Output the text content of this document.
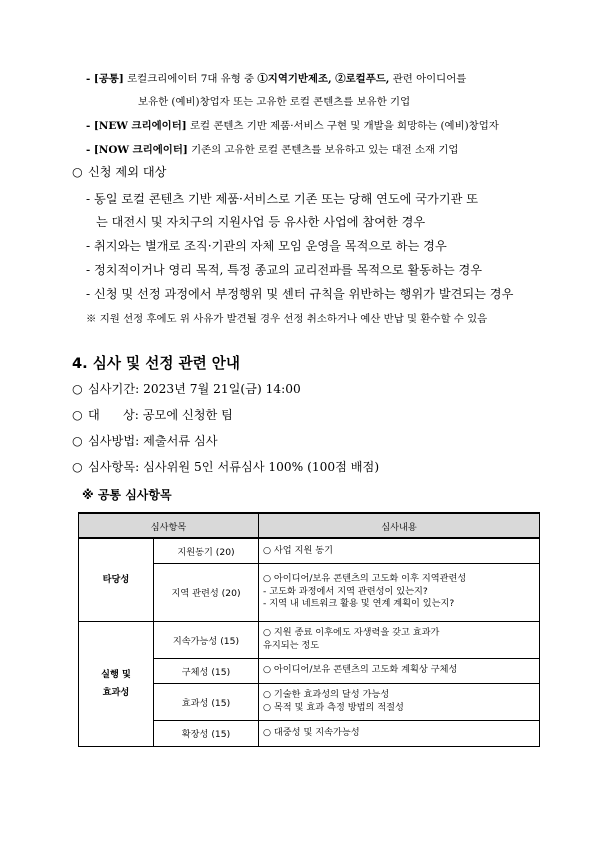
- [공통] 로컬크리에이터 7대 유형 중 ①지역기반제조, ②로컬푸드, 관련 아이디어를
보유한 (예비)창업자 또는 고유한 로컬 콘텐츠를 보유한 기업
- [NEW 크리에이터] 로컬 콘텐츠 기반 제품·서비스 구현 및 개발을 희망하는 (예비)창업자
- [NOW 크리에이터] 기존의 고유한 로컬 콘텐츠를 보유하고 있는 대전 소재 기업
○ 신청 제외 대상
- 동일 로컬 콘텐츠 기반 제품·서비스로 기존 또는 당해 연도에 국가기관 또
는 대전시 및 자치구의 지원사업 등 유사한 사업에 참여한 경우
- 취지와는 별개로 조직·기관의 자체 모임 운영을 목적으로 하는 경우
- 정치적이거나 영리 목적, 특정 종교의 교리전파를 목적으로 활동하는 경우
- 신청 및 선정 과정에서 부정행위 및 센터 규칙을 위반하는 행위가 발견되는 경우
※ 지원 선정 후에도 위 사유가 발견될 경우 선정 취소하거나 예산 반납 및 환수할 수 있음
4. 심사 및 선정 관련 안내
○ 심사기간: 2023년 7월 21일(금) 14:00
○ 대      상: 공모에 신청한 팀
○ 심사방법: 제출서류 심사
○ 심사항목: 심사위원 5인 서류심사 100% (100점 배점)
※ 공통 심사항목
심사항목		심사내용
타당성	지원동기 (20)	○ 사업 지원 동기

	지역 관련성 (20)	○ 아이디어/보유 콘텐츠의 고도화 이후 지역관련성
- 고도화 과정에서 지역 관련성이 있는지?
- 지역 내 네트워크 활용 및 연계 계획이 있는지?

실행 및
효과성	지속가능성 (15)	○ 지원 종료 이후에도 자생력을 갖고 효과가
유지되는 정도

	구체성 (15)	○ 아이디어/보유 콘텐츠의 고도화 계획상 구체성

	효과성 (15)	○ 기술한 효과성의 달성 가능성
○ 목적 및 효과 측정 방법의 적절성

	확장성 (15)	○ 대중성 및 지속가능성
